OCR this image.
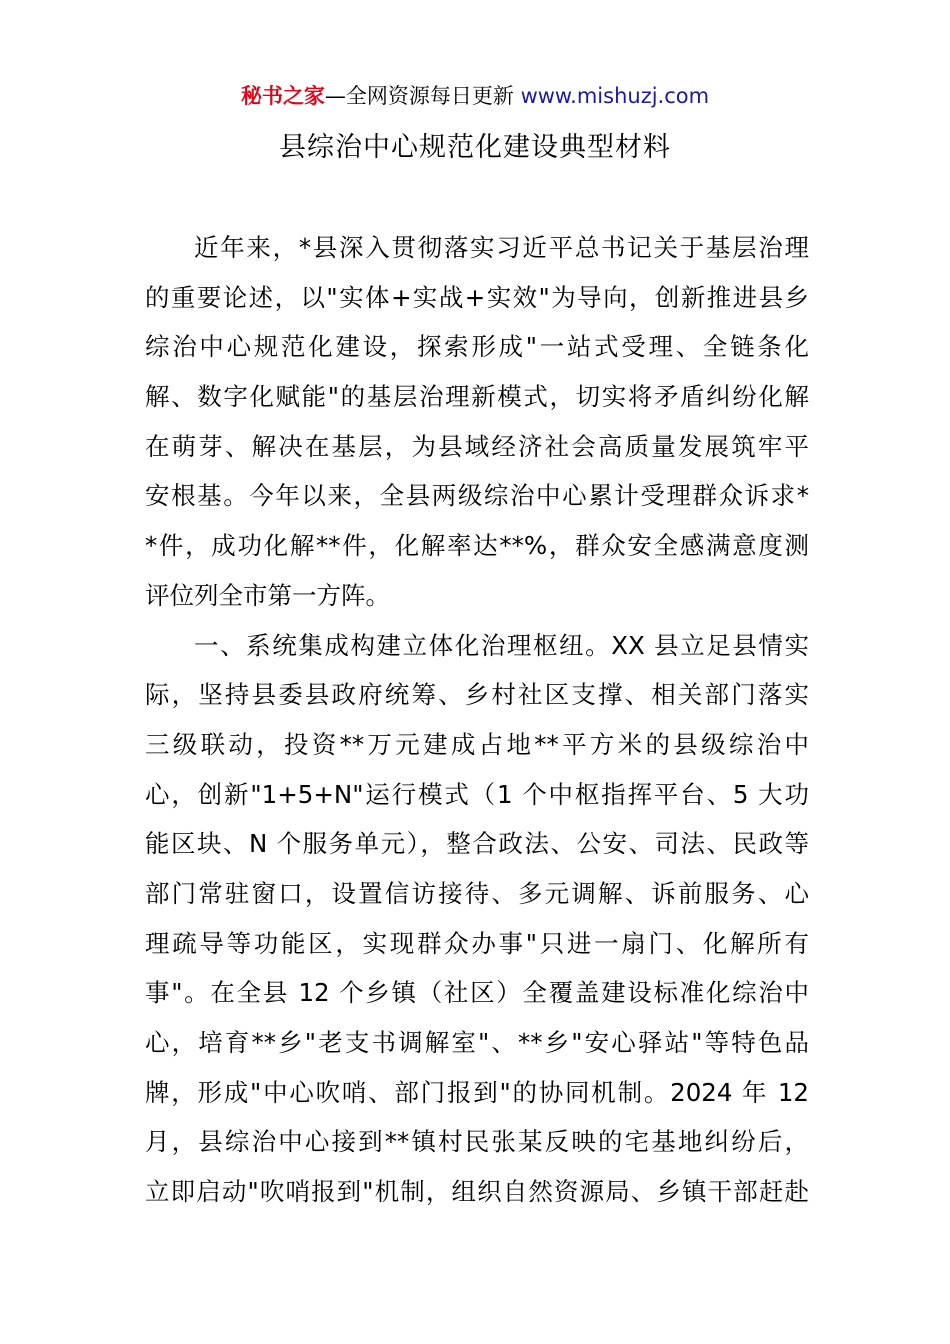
秘书之家—全网资源每日更新 www.mishuzj.com
县综治中心规范化建设典型材料
近年来，*县深入贯彻落实习近平总书记关于基层治理
的重要论述，以"实体+实战+实效"为导向，创新推进县乡
综治中心规范化建设，探索形成"一站式受理、全链条化
解、数字化赋能"的基层治理新模式，切实将矛盾纠纷化解
在萌芽、解决在基层，为县域经济社会高质量发展筑牢平
安根基。今年以来，全县两级综治中心累计受理群众诉求*
*件，成功化解**件，化解率达**%，群众安全感满意度测
评位列全市第一方阵。
一、系统集成构建立体化治理枢纽。XX 县立足县情实
际，坚持县委县政府统筹、乡村社区支撑、相关部门落实
三级联动，投资**万元建成占地**平方米的县级综治中
心，创新"1+5+N"运行模式（1 个中枢指挥平台、5 大功
能区块、N 个服务单元），整合政法、公安、司法、民政等
部门常驻窗口，设置信访接待、多元调解、诉前服务、心
理疏导等功能区，实现群众办事"只进一扇门、化解所有
事"。在全县 12 个乡镇（社区）全覆盖建设标准化综治中
心，培育**乡"老支书调解室"、**乡"安心驿站"等特色品
牌，形成"中心吹哨、部门报到"的协同机制。2024 年 12
月，县综治中心接到**镇村民张某反映的宅基地纠纷后，
立即启动"吹哨报到"机制，组织自然资源局、乡镇干部赶赴
